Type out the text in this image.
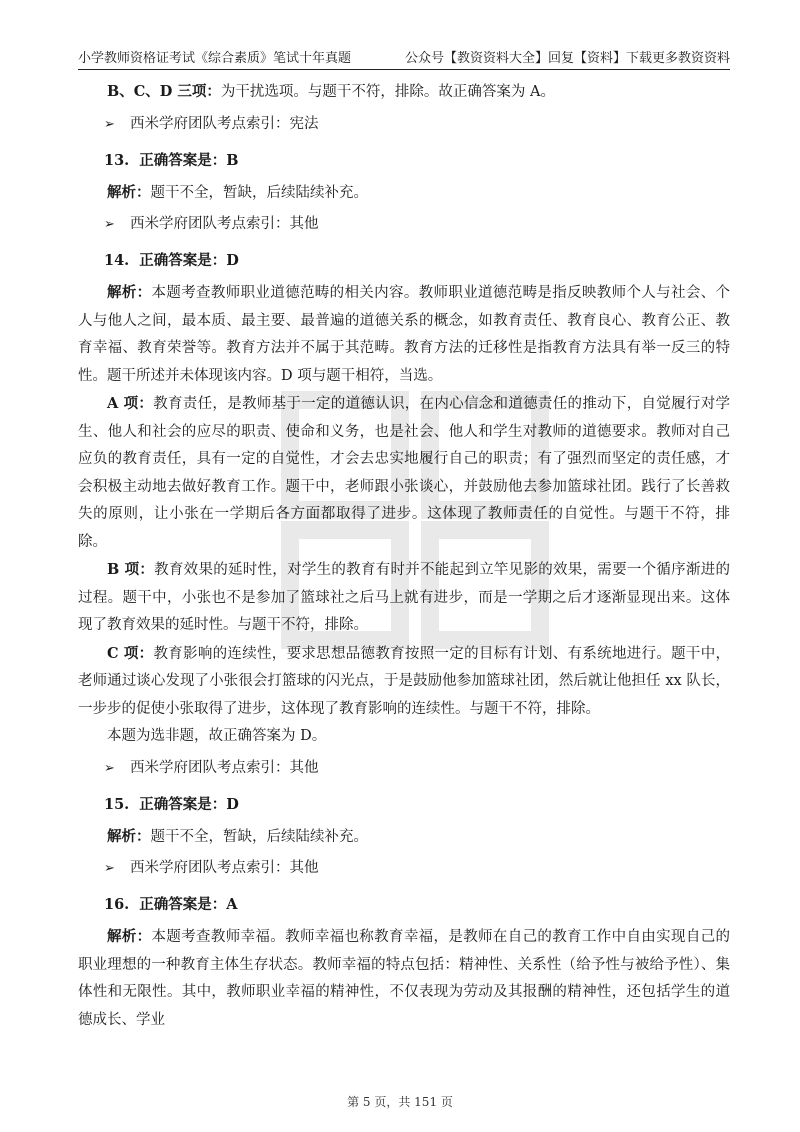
小学教师资格证考试《综合素质》笔试十年真题	公众号【教资资料大全】回复【资料】下载更多教资资料

B、C、D 三项：为干扰选项。与题干不符，排除。故正确答案为 A。

➢	西米学府团队考点索引：宪法
13. 正确答案是：B

解析：题干不全，暂缺，后续陆续补充。

➢	西米学府团队考点索引：其他
14. 正确答案是：D

解析：本题考查教师职业道德范畴的相关内容。教师职业道德范畴是指反映教师个人与社会、个人与他人之间，最本质、最主要、最普遍的道德关系的概念，如教育责任、教育良心、教育公正、教育幸福、教育荣誉等。教育方法并不属于其范畴。教育方法的迁移性是指教育方法具有举一反三的特性。题干所述并未体现该内容。D 项与题干相符，当选。

A 项：教育责任，是教师基于一定的道德认识，在内心信念和道德责任的推动下，自觉履行对学生、他人和社会的应尽的职责、使命和义务，也是社会、他人和学生对教师的道德要求。教师对自己应负的教育责任，具有一定的自觉性，才会去忠实地履行自己的职责；有了强烈而坚定的责任感，才会积极主动地去做好教育工作。题干中，老师跟小张谈心，并鼓励他去参加篮球社团。践行了长善救失的原则，让小张在一学期后各方面都取得了进步。这体现了教师责任的自觉性。与题干不符，排除。

B 项：教育效果的延时性，对学生的教育有时并不能起到立竿见影的效果，需要一个循序渐进的过程。题干中，小张也不是参加了篮球社之后马上就有进步，而是一学期之后才逐渐显现出来。这体现了教育效果的延时性。与题干不符，排除。

C 项：教育影响的连续性，要求思想品德教育按照一定的目标有计划、有系统地进行。题干中，老师通过谈心发现了小张很会打篮球的闪光点，于是鼓励他参加篮球社团，然后就让他担任 xx 队长，一步步的促使小张取得了进步，这体现了教育影响的连续性。与题干不符，排除。

本题为选非题，故正确答案为 D。

➢	西米学府团队考点索引：其他
15. 正确答案是：D

解析：题干不全，暂缺，后续陆续补充。

➢	西米学府团队考点索引：其他
16. 正确答案是：A

解析：本题考查教师幸福。教师幸福也称教育幸福，是教师在自己的教育工作中自由实现自己的职业理想的一种教育主体生存状态。教师幸福的特点包括：精神性、关系性（给予性与被给予性）、集体性和无限性。其中，教师职业幸福的精神性，不仅表现为劳动及其报酬的精神性，还包括学生的道德成长、学业

第 5 页，共 151 页
